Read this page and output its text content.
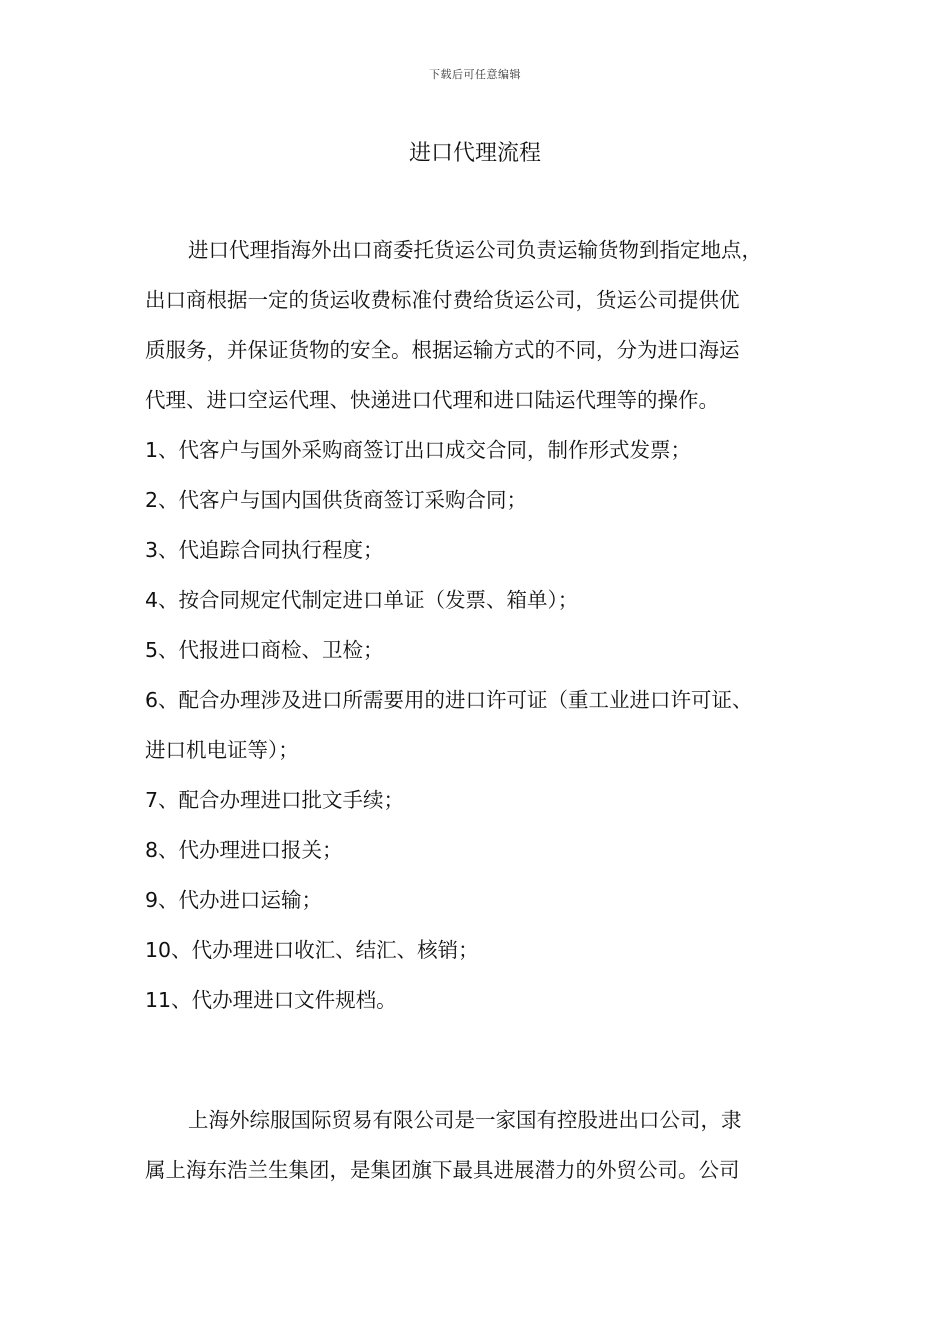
下载后可任意编辑
进口代理流程
进口代理指海外出口商委托货运公司负责运输货物到指定地点，
出口商根据一定的货运收费标准付费给货运公司，货运公司提供优
质服务，并保证货物的安全。根据运输方式的不同，分为进口海运
代理、进口空运代理、快递进口代理和进口陆运代理等的操作。
1、代客户与国外采购商签订出口成交合同，制作形式发票；
2、代客户与国内国供货商签订采购合同；
3、代追踪合同执行程度；
4、按合同规定代制定进口单证（发票、箱单）；
5、代报进口商检、卫检；
6、配合办理涉及进口所需要用的进口许可证（重工业进口许可证、
进口机电证等）；
7、配合办理进口批文手续；
8、代办理进口报关；
9、代办进口运输；
10、代办理进口收汇、结汇、核销；
11、代办理进口文件规档。
上海外综服国际贸易有限公司是一家国有控股进出口公司，隶
属上海东浩兰生集团，是集团旗下最具进展潜力的外贸公司。公司
